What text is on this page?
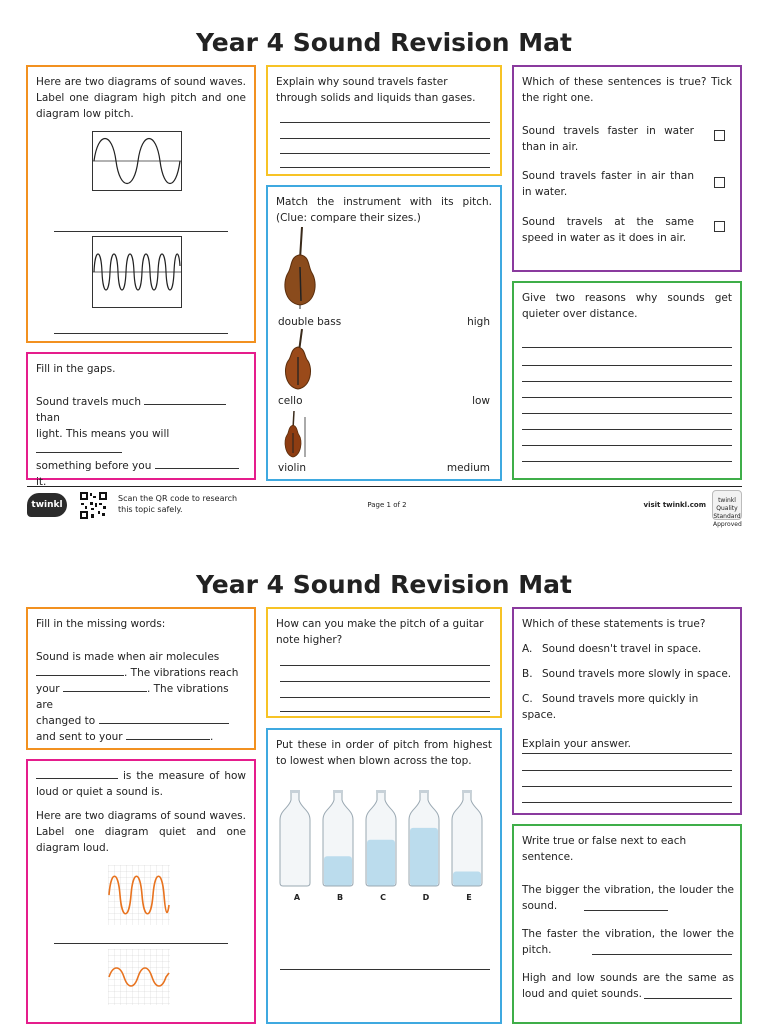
Year 4 Sound Revision Mat
Here are two diagrams of sound waves. Label one diagram high pitch and one diagram low pitch.
Fill in the gaps.
Sound travels much  than
light. This means you will
something before you  it.
Explain why sound travels faster through solids and liquids than gases.
Match the instrument with its pitch. (Clue: compare their sizes.)
double bass	high
cello	low
violin	medium
Which of these sentences is true? Tick the right one.
Sound travels faster in water than in air.
Sound travels faster in air than in water.
Sound travels at the same speed in water as it does in air.
Give two reasons why sounds get quieter over distance.
twinkl
Scan the QR code to research this topic safely.	Page 1 of 2	visit twinkl.com
twinkl Quality Standard Approved
Year 4 Sound Revision Mat
Fill in the missing words:
Sound is made when air molecules
. The vibrations reach
your	. The vibrations are
changed to
and sent to your	.
is the measure of how loud or quiet a sound is.
Here are two diagrams of sound waves. Label one diagram quiet and one diagram loud.
How can you make the pitch of a guitar note higher?
Put these in order of pitch from highest to lowest when blown across the top.
A	B	C	D	E
Which of these statements is true?
A. Sound doesn't travel in space.
B. Sound travels more slowly in space.
C. Sound travels more quickly in space.
Explain your answer.
Write true or false next to each sentence.
The bigger the vibration, the louder the sound.
The faster the vibration, the lower the pitch.
High and low sounds are the same as loud and quiet sounds.
